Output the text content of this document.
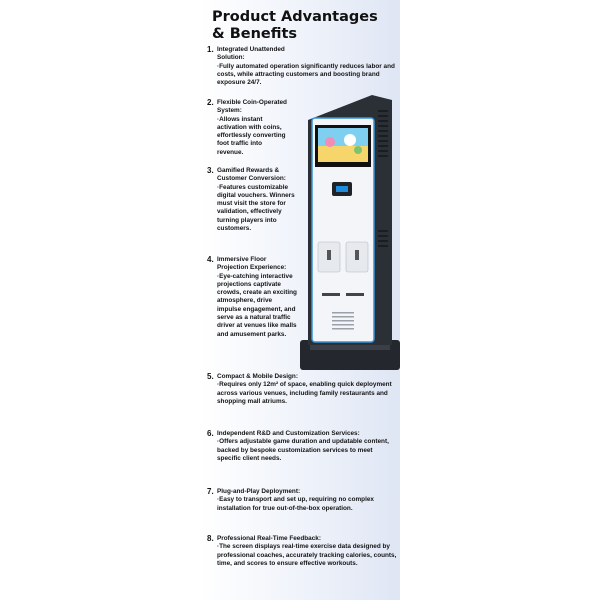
Product Advantages & Benefits
1. Integrated Unattended Solution:
·Fully automated operation significantly reduces labor and costs, while attracting customers and boosting brand exposure 24/7.
2. Flexible Coin-Operated System:
·Allows instant activation with coins, effortlessly converting foot traffic into revenue.
3. Gamified Rewards & Customer Conversion:
·Features customizable digital vouchers. Winners must visit the store for validation, effectively turning players into customers.
4. Immersive Floor Projection Experience:
·Eye-catching interactive projections captivate crowds, create an exciting atmosphere, drive impulse engagement, and serve as a natural traffic driver at venues like malls and amusement parks.
5. Compact & Mobile Design:
·Requires only 12m² of space, enabling quick deployment across various venues, including family restaurants and shopping mall atriums.
6. Independent R&D and Customization Services:
·Offers adjustable game duration and updatable content, backed by bespoke customization services to meet specific client needs.
7. Plug-and-Play Deployment:
·Easy to transport and set up, requiring no complex installation for true out-of-the-box operation.
8. Professional Real-Time Feedback:
·The screen displays real-time exercise data designed by professional coaches, accurately tracking calories, counts, time, and scores to ensure effective workouts.
